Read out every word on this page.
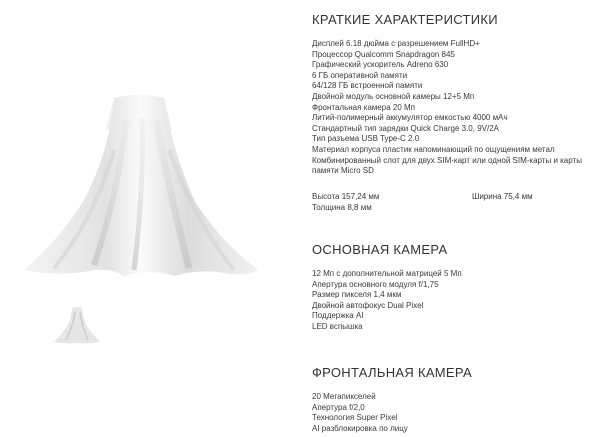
КРАТКИЕ ХАРАКТЕРИСТИКИ
Дисплей 6.18 дюйма с разрешением FullHD+
Процессор Qualcomm Snapdragon 845
Графический ускоритель Adreno 630
6 ГБ оперативной памяти
64/128 ГБ встроенной памяти
Двойной модуль основной камеры 12+5 Мп
Фронтальная камера 20 Мп
Литий-полимерный аккумулятор емкостью 4000 мАч
Стандартный тип зарядки Quick Charge 3.0, 9V/2A
Тип разъема USB Type-C 2.0
Материал корпуса пластик напоминающий по ощущениям метал
Комбинированный слот для двух SIM-карт или одной SIM-карты и карты памяти Micro SD
Высота 157,24 мм	Ширина 75,4 мм
Толщина 8,8 мм
ОСНОВНАЯ КАМЕРА
12 Мп с дополнительной матрицей 5 Мп
Апертура основного модуля f/1,75
Размер пикселя 1,4 мкм
Двойной автофокус Dual Pixel
Поддержка AI
LED вспышка
ФРОНТАЛЬНАЯ КАМЕРА
20 Мегапикселей
Апертура f/2,0
Технология Super Pixel
AI разблокировка по лицу
